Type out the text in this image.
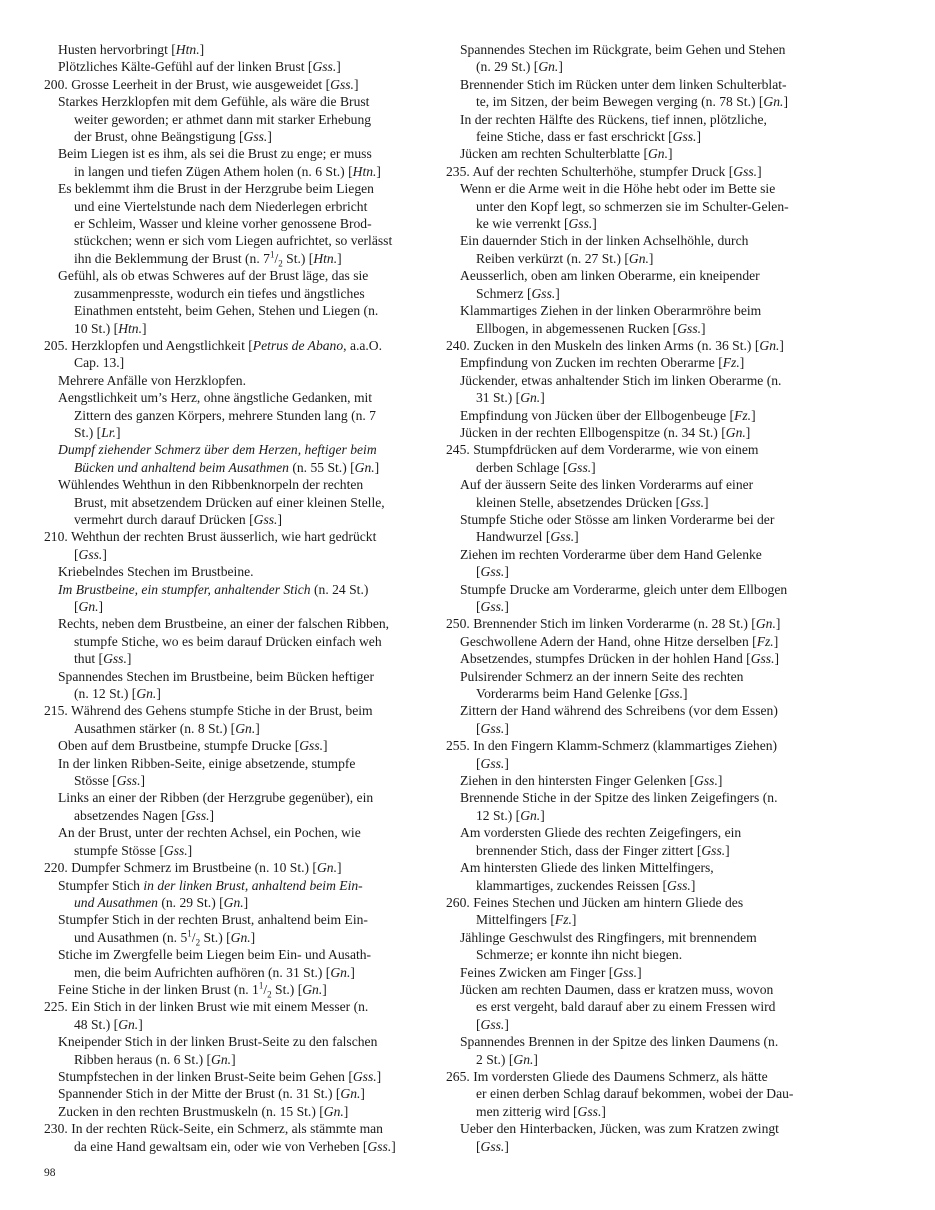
Husten hervorbringt [Htn.]
Plötzliches Kälte-Gefühl auf der linken Brust [Gss.]
200. Grosse Leerheit in der Brust, wie ausgeweidet [Gss.]
Starkes Herzklopfen mit dem Gefühle, als wäre die Brust
weiter geworden; er athmet dann mit starker Erhebung
der Brust, ohne Beängstigung [Gss.]
Beim Liegen ist es ihm, als sei die Brust zu enge; er muss
in langen und tiefen Zügen Athem holen (n. 6 St.) [Htn.]
Es beklemmt ihm die Brust in der Herzgrube beim Liegen
und eine Viertelstunde nach dem Niederlegen erbricht
er Schleim, Wasser und kleine vorher genossene Brod-
stückchen; wenn er sich vom Liegen aufrichtet, so verlässt
ihn die Beklemmung der Brust (n. $7^1/_2$ St.) [Htn.]
Gefühl, als ob etwas Schweres auf der Brust läge, das sie
zusammenpresste, wodurch ein tiefes und ängstliches
Einathmen entsteht, beim Gehen, Stehen und Liegen (n.
10 St.) [Htn.]
205. Herzklopfen und Aengstlichkeit [Petrus de Abano, a.a.O.
Cap. 13.]
Mehrere Anfälle von Herzklopfen.
Aengstlichkeit um’s Herz, ohne ängstliche Gedanken, mit
Zittern des ganzen Körpers, mehrere Stunden lang (n. 7
St.) [Lr.]
Dumpf ziehender Schmerz über dem Herzen, heftiger beim
Bücken und anhaltend beim Ausathmen (n. 55 St.) [Gn.]
Wühlendes Wehthun in den Ribbenknorpeln der rechten
Brust, mit absetzendem Drücken auf einer kleinen Stelle,
vermehrt durch darauf Drücken [Gss.]
210. Wehthun der rechten Brust äusserlich, wie hart gedrückt
[Gss.]
Kriebelndes Stechen im Brustbeine.
Im Brustbeine, ein stumpfer, anhaltender Stich (n. 24 St.)
[Gn.]
Rechts, neben dem Brustbeine, an einer der falschen Ribben,
stumpfe Stiche, wo es beim darauf Drücken einfach weh
thut [Gss.]
Spannendes Stechen im Brustbeine, beim Bücken heftiger
(n. 12 St.) [Gn.]
215. Während des Gehens stumpfe Stiche in der Brust, beim
Ausathmen stärker (n. 8 St.) [Gn.]
Oben auf dem Brustbeine, stumpfe Drucke [Gss.]
In der linken Ribben-Seite, einige absetzende, stumpfe
Stösse [Gss.]
Links an einer der Ribben (der Herzgrube gegenüber), ein
absetzendes Nagen [Gss.]
An der Brust, unter der rechten Achsel, ein Pochen, wie
stumpfe Stösse [Gss.]
220. Dumpfer Schmerz im Brustbeine (n. 10 St.) [Gn.]
Stumpfer Stich in der linken Brust, anhaltend beim Ein-
und Ausathmen (n. 29 St.) [Gn.]
Stumpfer Stich in der rechten Brust, anhaltend beim Ein-
und Ausathmen (n. $5^1/_2$ St.) [Gn.]
Stiche im Zwergfelle beim Liegen beim Ein- und Ausath-
men, die beim Aufrichten aufhören (n. 31 St.) [Gn.]
Feine Stiche in der linken Brust (n. $1^1/_2$ St.) [Gn.]
225. Ein Stich in der linken Brust wie mit einem Messer (n.
48 St.) [Gn.]
Kneipender Stich in der linken Brust-Seite zu den falschen
Ribben heraus (n. 6 St.) [Gn.]
Stumpfstechen in der linken Brust-Seite beim Gehen [Gss.]
Spannender Stich in der Mitte der Brust (n. 31 St.) [Gn.]
Zucken in den rechten Brustmuskeln (n. 15 St.) [Gn.]
230. In der rechten Rück-Seite, ein Schmerz, als stämmte man
da eine Hand gewaltsam ein, oder wie von Verheben [Gss.]
Spannendes Stechen im Rückgrate, beim Gehen und Stehen
(n. 29 St.) [Gn.]
Brennender Stich im Rücken unter dem linken Schulterblat-
te, im Sitzen, der beim Bewegen verging (n. 78 St.) [Gn.]
In der rechten Hälfte des Rückens, tief innen, plötzliche,
feine Stiche, dass er fast erschrickt [Gss.]
Jücken am rechten Schulterblatte [Gn.]
235. Auf der rechten Schulterhöhe, stumpfer Druck [Gss.]
Wenn er die Arme weit in die Höhe hebt oder im Bette sie
unter den Kopf legt, so schmerzen sie im Schulter-Gelen-
ke wie verrenkt [Gss.]
Ein dauernder Stich in der linken Achselhöhle, durch
Reiben verkürzt (n. 27 St.) [Gn.]
Aeusserlich, oben am linken Oberarme, ein kneipender
Schmerz [Gss.]
Klammartiges Ziehen in der linken Oberarmröhre beim
Ellbogen, in abgemessenen Rucken [Gss.]
240. Zucken in den Muskeln des linken Arms (n. 36 St.) [Gn.]
Empfindung von Zucken im rechten Oberarme [Fz.]
Jückender, etwas anhaltender Stich im linken Oberarme (n.
31 St.) [Gn.]
Empfindung von Jücken über der Ellbogenbeuge [Fz.]
Jücken in der rechten Ellbogenspitze (n. 34 St.) [Gn.]
245. Stumpfdrücken auf dem Vorderarme, wie von einem
derben Schlage [Gss.]
Auf der äussern Seite des linken Vorderarms auf einer
kleinen Stelle, absetzendes Drücken [Gss.]
Stumpfe Stiche oder Stösse am linken Vorderarme bei der
Handwurzel [Gss.]
Ziehen im rechten Vorderarme über dem Hand Gelenke
[Gss.]
Stumpfe Drucke am Vorderarme, gleich unter dem Ellbogen
[Gss.]
250. Brennender Stich im linken Vorderarme (n. 28 St.) [Gn.]
Geschwollene Adern der Hand, ohne Hitze derselben [Fz.]
Absetzendes, stumpfes Drücken in der hohlen Hand [Gss.]
Pulsirender Schmerz an der innern Seite des rechten
Vorderarms beim Hand Gelenke [Gss.]
Zittern der Hand während des Schreibens (vor dem Essen)
[Gss.]
255. In den Fingern Klamm-Schmerz (klammartiges Ziehen)
[Gss.]
Ziehen in den hintersten Finger Gelenken [Gss.]
Brennende Stiche in der Spitze des linken Zeigefingers (n.
12 St.) [Gn.]
Am vordersten Gliede des rechten Zeigefingers, ein
brennender Stich, dass der Finger zittert [Gss.]
Am hintersten Gliede des linken Mittelfingers,
klammartiges, zuckendes Reissen [Gss.]
260. Feines Stechen und Jücken am hintern Gliede des
Mittelfingers [Fz.]
Jählinge Geschwulst des Ringfingers, mit brennendem
Schmerze; er konnte ihn nicht biegen.
Feines Zwicken am Finger [Gss.]
Jücken am rechten Daumen, dass er kratzen muss, wovon
es erst vergeht, bald darauf aber zu einem Fressen wird
[Gss.]
Spannendes Brennen in der Spitze des linken Daumens (n.
2 St.) [Gn.]
265. Im vordersten Gliede des Daumens Schmerz, als hätte
er einen derben Schlag darauf bekommen, wobei der Dau-
men zitterig wird [Gss.]
Ueber den Hinterbacken, Jücken, was zum Kratzen zwingt
[Gss.]
98
